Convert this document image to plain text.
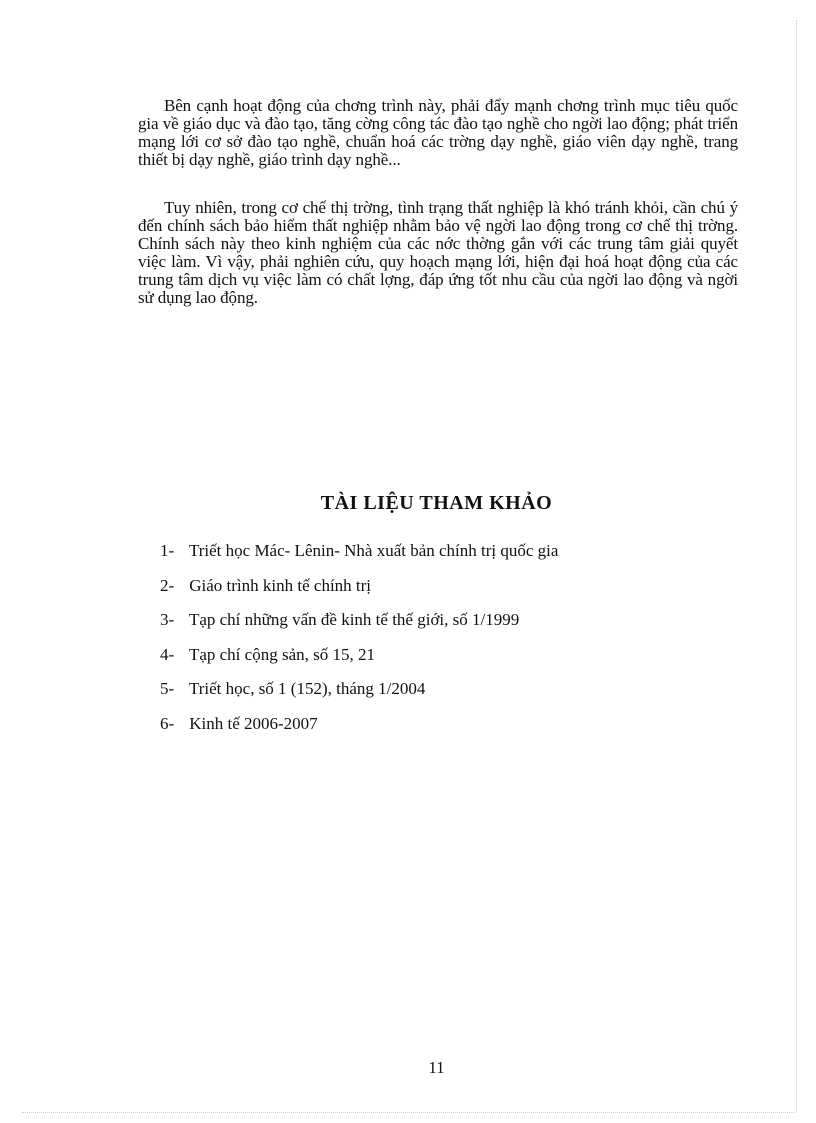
Bên cạnh hoạt động của chơng trình này, phải đẩy mạnh chơng trình mục tiêu quốc gia về giáo dục và đào tạo, tăng cờng công tác đào tạo nghề cho ngời lao động; phát triển mạng lới cơ sở đào tạo nghề, chuẩn hoá các trờng dạy nghề, giáo viên dạy nghề, trang thiết bị dạy nghề, giáo trình dạy nghề...

Tuy nhiên, trong cơ chế thị trờng, tình trạng thất nghiệp là khó tránh khỏi, cần chú ý đến chính sách bảo hiểm thất nghiệp nhằm bảo vệ ngời lao động trong cơ chế thị trờng. Chính sách này theo kinh nghiệm của các nớc thờng gắn với các trung tâm giải quyết việc làm. Vì vậy, phải nghiên cứu, quy hoạch mạng lới, hiện đại hoá hoạt động của các trung tâm dịch vụ việc làm có chất lợng, đáp ứng tốt nhu cầu của ngời lao động và ngời sử dụng lao động.

TÀI LIỆU THAM KHẢO
1- Triết học Mác- Lênin- Nhà xuất bản chính trị quốc gia
2- Giáo trình kinh tế chính trị
3- Tạp chí những vấn đề kinh tế thế giới, số 1/1999
4- Tạp chí cộng sản, số 15, 21
5- Triết học, số 1 (152), tháng 1/2004
6- Kinh tế 2006-2007

11
